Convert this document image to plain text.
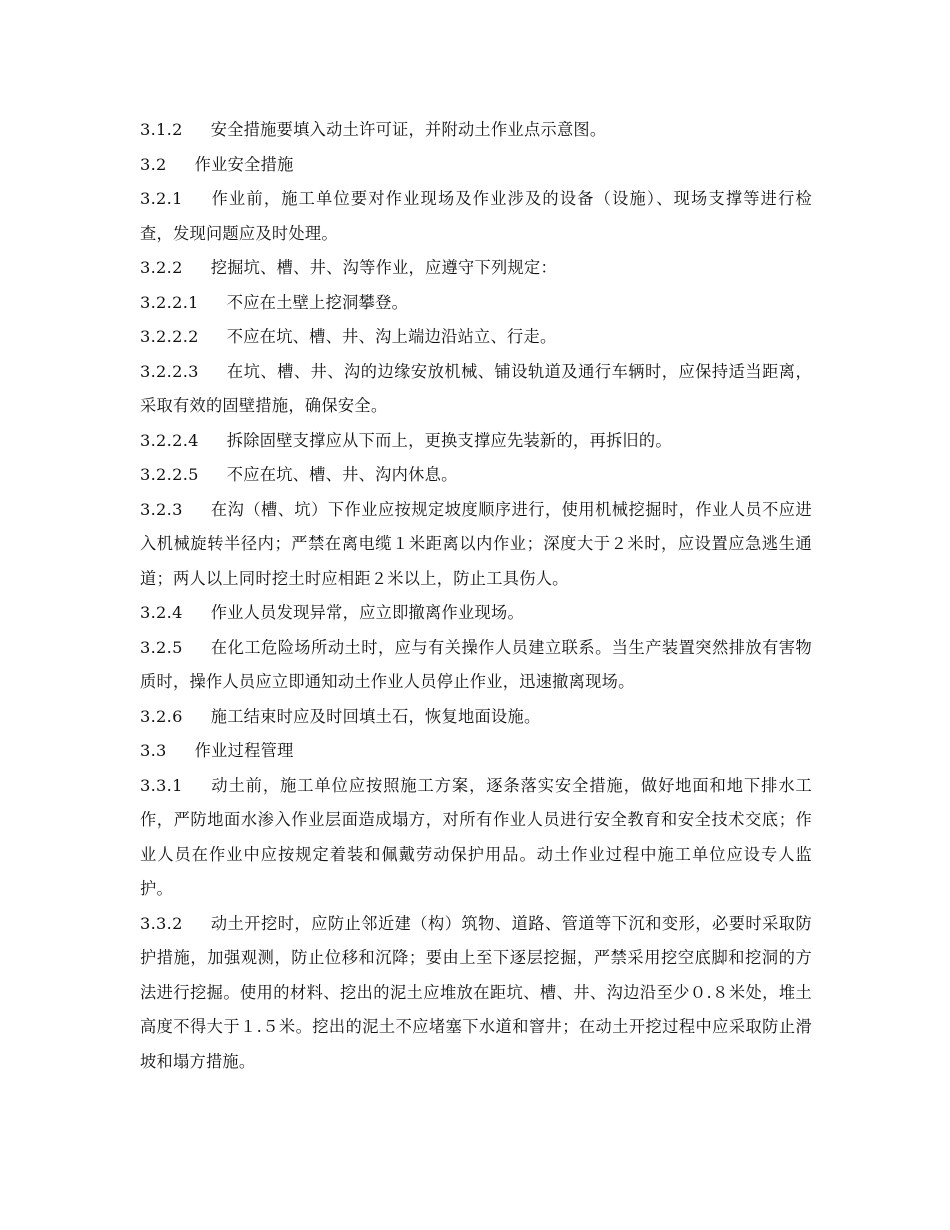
3.1.2 安全措施要填入动土许可证，并附动土作业点示意图。

3.2 作业安全措施

3.2.1 作业前，施工单位要对作业现场及作业涉及的设备（设施）、现场支撑等进行检查，发现问题应及时处理。

3.2.2 挖掘坑、槽、井、沟等作业，应遵守下列规定：

3.2.2.1 不应在土壁上挖洞攀登。

3.2.2.2 不应在坑、槽、井、沟上端边沿站立、行走。

3.2.2.3 在坑、槽、井、沟的边缘安放机械、铺设轨道及通行车辆时，应保持适当距离，采取有效的固壁措施，确保安全。

3.2.2.4 拆除固壁支撑应从下而上，更换支撑应先装新的，再拆旧的。

3.2.2.5 不应在坑、槽、井、沟内休息。

3.2.3 在沟（槽、坑）下作业应按规定坡度顺序进行，使用机械挖掘时，作业人员不应进入机械旋转半径内；严禁在离电缆１米距离以内作业；深度大于２米时，应设置应急逃生通道；两人以上同时挖土时应相距２米以上，防止工具伤人。

3.2.4 作业人员发现异常，应立即撤离作业现场。

3.2.5 在化工危险场所动土时，应与有关操作人员建立联系。当生产装置突然排放有害物质时，操作人员应立即通知动土作业人员停止作业，迅速撤离现场。

3.2.6 施工结束时应及时回填土石，恢复地面设施。

3.3 作业过程管理

3.3.1 动土前，施工单位应按照施工方案，逐条落实安全措施，做好地面和地下排水工作，严防地面水渗入作业层面造成塌方，对所有作业人员进行安全教育和安全技术交底；作业人员在作业中应按规定着装和佩戴劳动保护用品。动土作业过程中施工单位应设专人监护。

3.3.2 动土开挖时，应防止邻近建（构）筑物、道路、管道等下沉和变形，必要时采取防护措施，加强观测，防止位移和沉降；要由上至下逐层挖掘，严禁采用挖空底脚和挖洞的方法进行挖掘。使用的材料、挖出的泥土应堆放在距坑、槽、井、沟边沿至少０.８米处，堆土高度不得大于１.５米。挖出的泥土不应堵塞下水道和窨井；在动土开挖过程中应采取防止滑坡和塌方措施。
